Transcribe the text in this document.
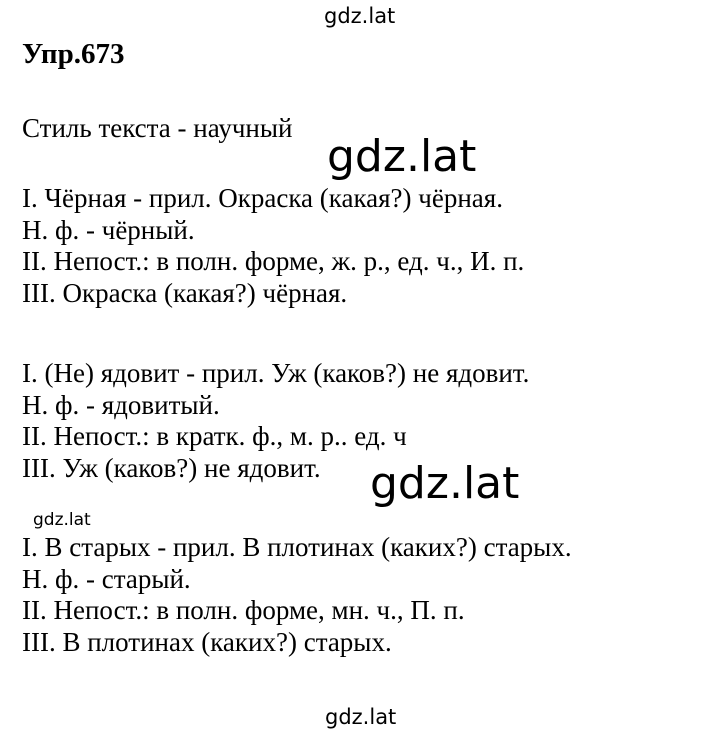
gdz.lat
Упр.673
Стиль текста - научный
gdz.lat
I. Чёрная - прил. Окраска (какая?) чёрная.
Н. ф. - чёрный.
II. Непост.: в полн. форме, ж. р., ед. ч., И. п.
III. Окраска (какая?) чёрная.
I. (Не) ядовит - прил. Уж (каков?) не ядовит.
Н. ф. - ядовитый.
II. Непост.: в кратк. ф., м. р.. ед. ч
III. Уж (каков?) не ядовит.	gdz.lat
gdz.lat
I. В старых - прил. В плотинах (каких?) старых.
Н. ф. - старый.
II. Непост.: в полн. форме, мн. ч., П. п.
III. В плотинах (каких?) старых.
gdz.lat
